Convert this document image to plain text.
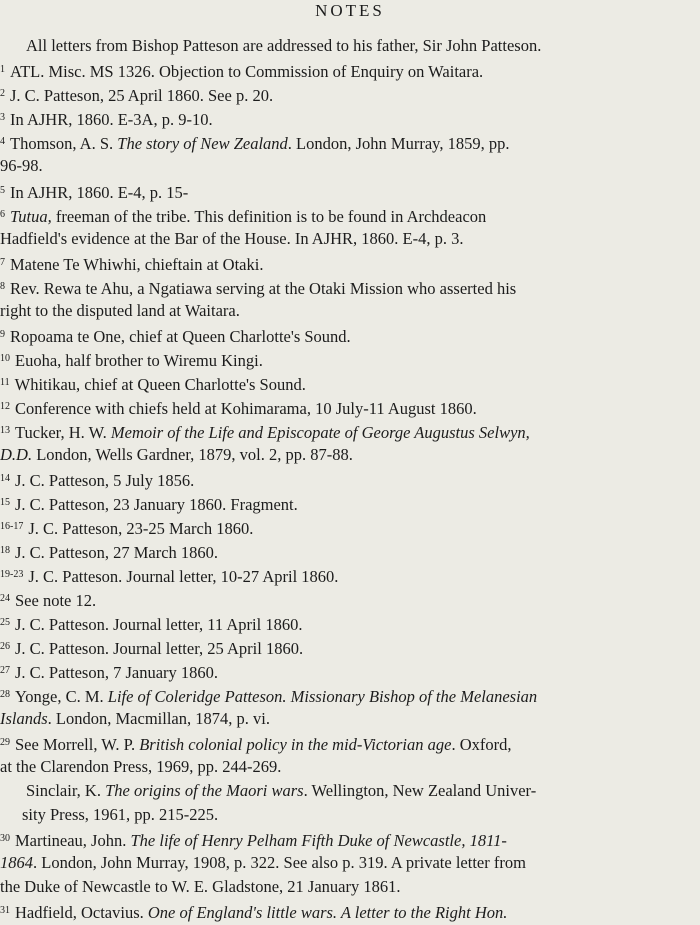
NOTES
All letters from Bishop Patteson are addressed to his father, Sir John Patteson.
$^1$ ATL. Misc. MS 1326. Objection to Commission of Enquiry on Waitara.
$^2$ J. C. Patteson, 25 April 1860. See p. 20.
$^3$ In AJHR, 1860. E-3A, p. 9-10.
$^4$ Thomson, A. S. The story of New Zealand. London, John Murray, 1859, pp.
96-98.
$^5$ In AJHR, 1860. E-4, p. 15-
$^6$ Tutua, freeman of the tribe. This definition is to be found in Archdeacon
Hadfield's evidence at the Bar of the House. In AJHR, 1860. E-4, p. 3.
$^7$ Matene Te Whiwhi, chieftain at Otaki.
$^8$ Rev. Rewa te Ahu, a Ngatiawa serving at the Otaki Mission who asserted his
right to the disputed land at Waitara.
$^9$ Ropoama te One, chief at Queen Charlotte's Sound.
$^{10}$ Euoha, half brother to Wiremu Kingi.
$^{11}$ Whitikau, chief at Queen Charlotte's Sound.
$^{12}$ Conference with chiefs held at Kohimarama, 10 July-11 August 1860.
$^{13}$ Tucker, H. W. Memoir of the Life and Episcopate of George Augustus Selwyn,
D.D. London, Wells Gardner, 1879, vol. 2, pp. 87-88.
$^{14}$ J. C. Patteson, 5 July 1856.
$^{15}$ J. C. Patteson, 23 January 1860. Fragment.
$^{16-17}$ J. C. Patteson, 23-25 March 1860.
$^{18}$ J. C. Patteson, 27 March 1860.
$^{19-23}$ J. C. Patteson. Journal letter, 10-27 April 1860.
$^{24}$ See note 12.
$^{25}$ J. C. Patteson. Journal letter, 11 April 1860.
$^{26}$ J. C. Patteson. Journal letter, 25 April 1860.
$^{27}$ J. C. Patteson, 7 January 1860.
$^{28}$ Yonge, C. M. Life of Coleridge Patteson. Missionary Bishop of the Melanesian
Islands. London, Macmillan, 1874, p. vi.
$^{29}$ See Morrell, W. P. British colonial policy in the mid-Victorian age. Oxford,
at the Clarendon Press, 1969, pp. 244-269.
Sinclair, K. The origins of the Maori wars. Wellington, New Zealand Univer-
sity Press, 1961, pp. 215-225.
$^{30}$ Martineau, John. The life of Henry Pelham Fifth Duke of Newcastle, 1811-
1864. London, John Murray, 1908, p. 322. See also p. 319. A private letter from
the Duke of Newcastle to W. E. Gladstone, 21 January 1861.
$^{31}$ Hadfield, Octavius. One of England's little wars. A letter to the Right Hon.
